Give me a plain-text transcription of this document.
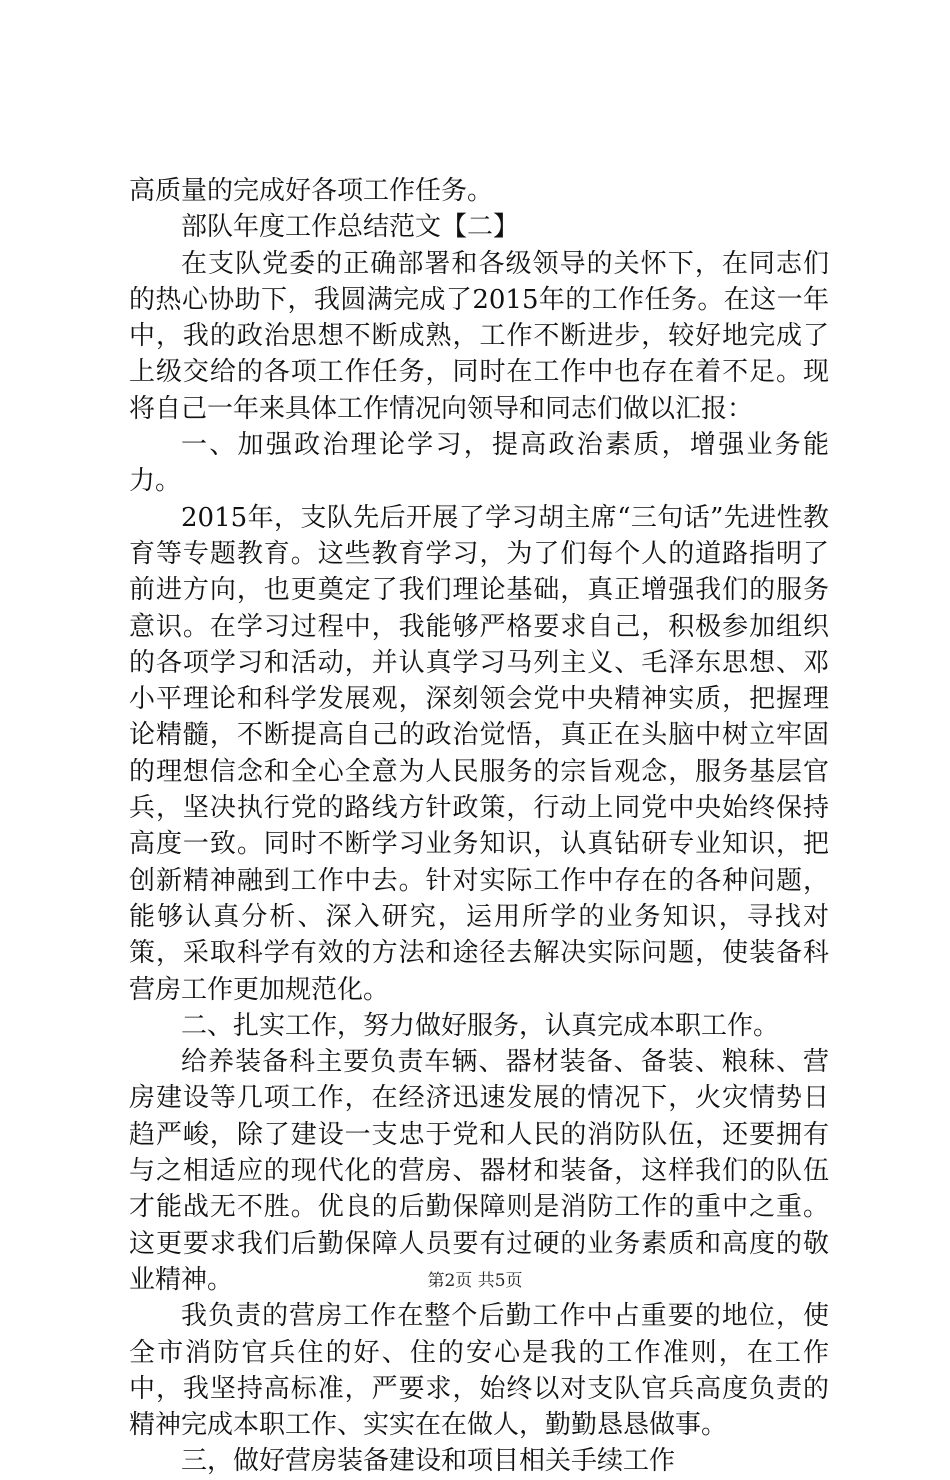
高质量的完成好各项工作任务。

部队年度工作总结范文【二】

在支队党委的正确部署和各级领导的关怀下，在同志们的热心协助下，我圆满完成了2015年的工作任务。在这一年中，我的政治思想不断成熟，工作不断进步，较好地完成了上级交给的各项工作任务，同时在工作中也存在着不足。现将自己一年来具体工作情况向领导和同志们做以汇报：

一、加强政治理论学习，提高政治素质，增强业务能力。

2015年，支队先后开展了学习胡主席“三句话”先进性教育等专题教育。这些教育学习，为了们每个人的道路指明了前进方向，也更奠定了我们理论基础，真正增强我们的服务意识。在学习过程中，我能够严格要求自己，积极参加组织的各项学习和活动，并认真学习马列主义、毛泽东思想、邓小平理论和科学发展观，深刻领会党中央精神实质，把握理论精髓，不断提高自己的政治觉悟，真正在头脑中树立牢固的理想信念和全心全意为人民服务的宗旨观念，服务基层官兵，坚决执行党的路线方针政策，行动上同党中央始终保持高度一致。同时不断学习业务知识，认真钻研专业知识，把创新精神融到工作中去。针对实际工作中存在的各种问题，能够认真分析、深入研究，运用所学的业务知识，寻找对策，采取科学有效的方法和途径去解决实际问题，使装备科营房工作更加规范化。

二、扎实工作，努力做好服务，认真完成本职工作。

给养装备科主要负责车辆、器材装备、备装、粮秣、营房建设等几项工作，在经济迅速发展的情况下，火灾情势日趋严峻，除了建设一支忠于党和人民的消防队伍，还要拥有与之相适应的现代化的营房、器材和装备，这样我们的队伍才能战无不胜。优良的后勤保障则是消防工作的重中之重。这更要求我们后勤保障人员要有过硬的业务素质和高度的敬业精神。

我负责的营房工作在整个后勤工作中占重要的地位，使全市消防官兵住的好、住的安心是我的工作准则，在工作中，我坚持高标准，严要求，始终以对支队官兵高度负责的精神完成本职工作、实实在在做人，勤勤恳恳做事。

三，做好营房装备建设和项目相关手续工作

第2页 共5页
